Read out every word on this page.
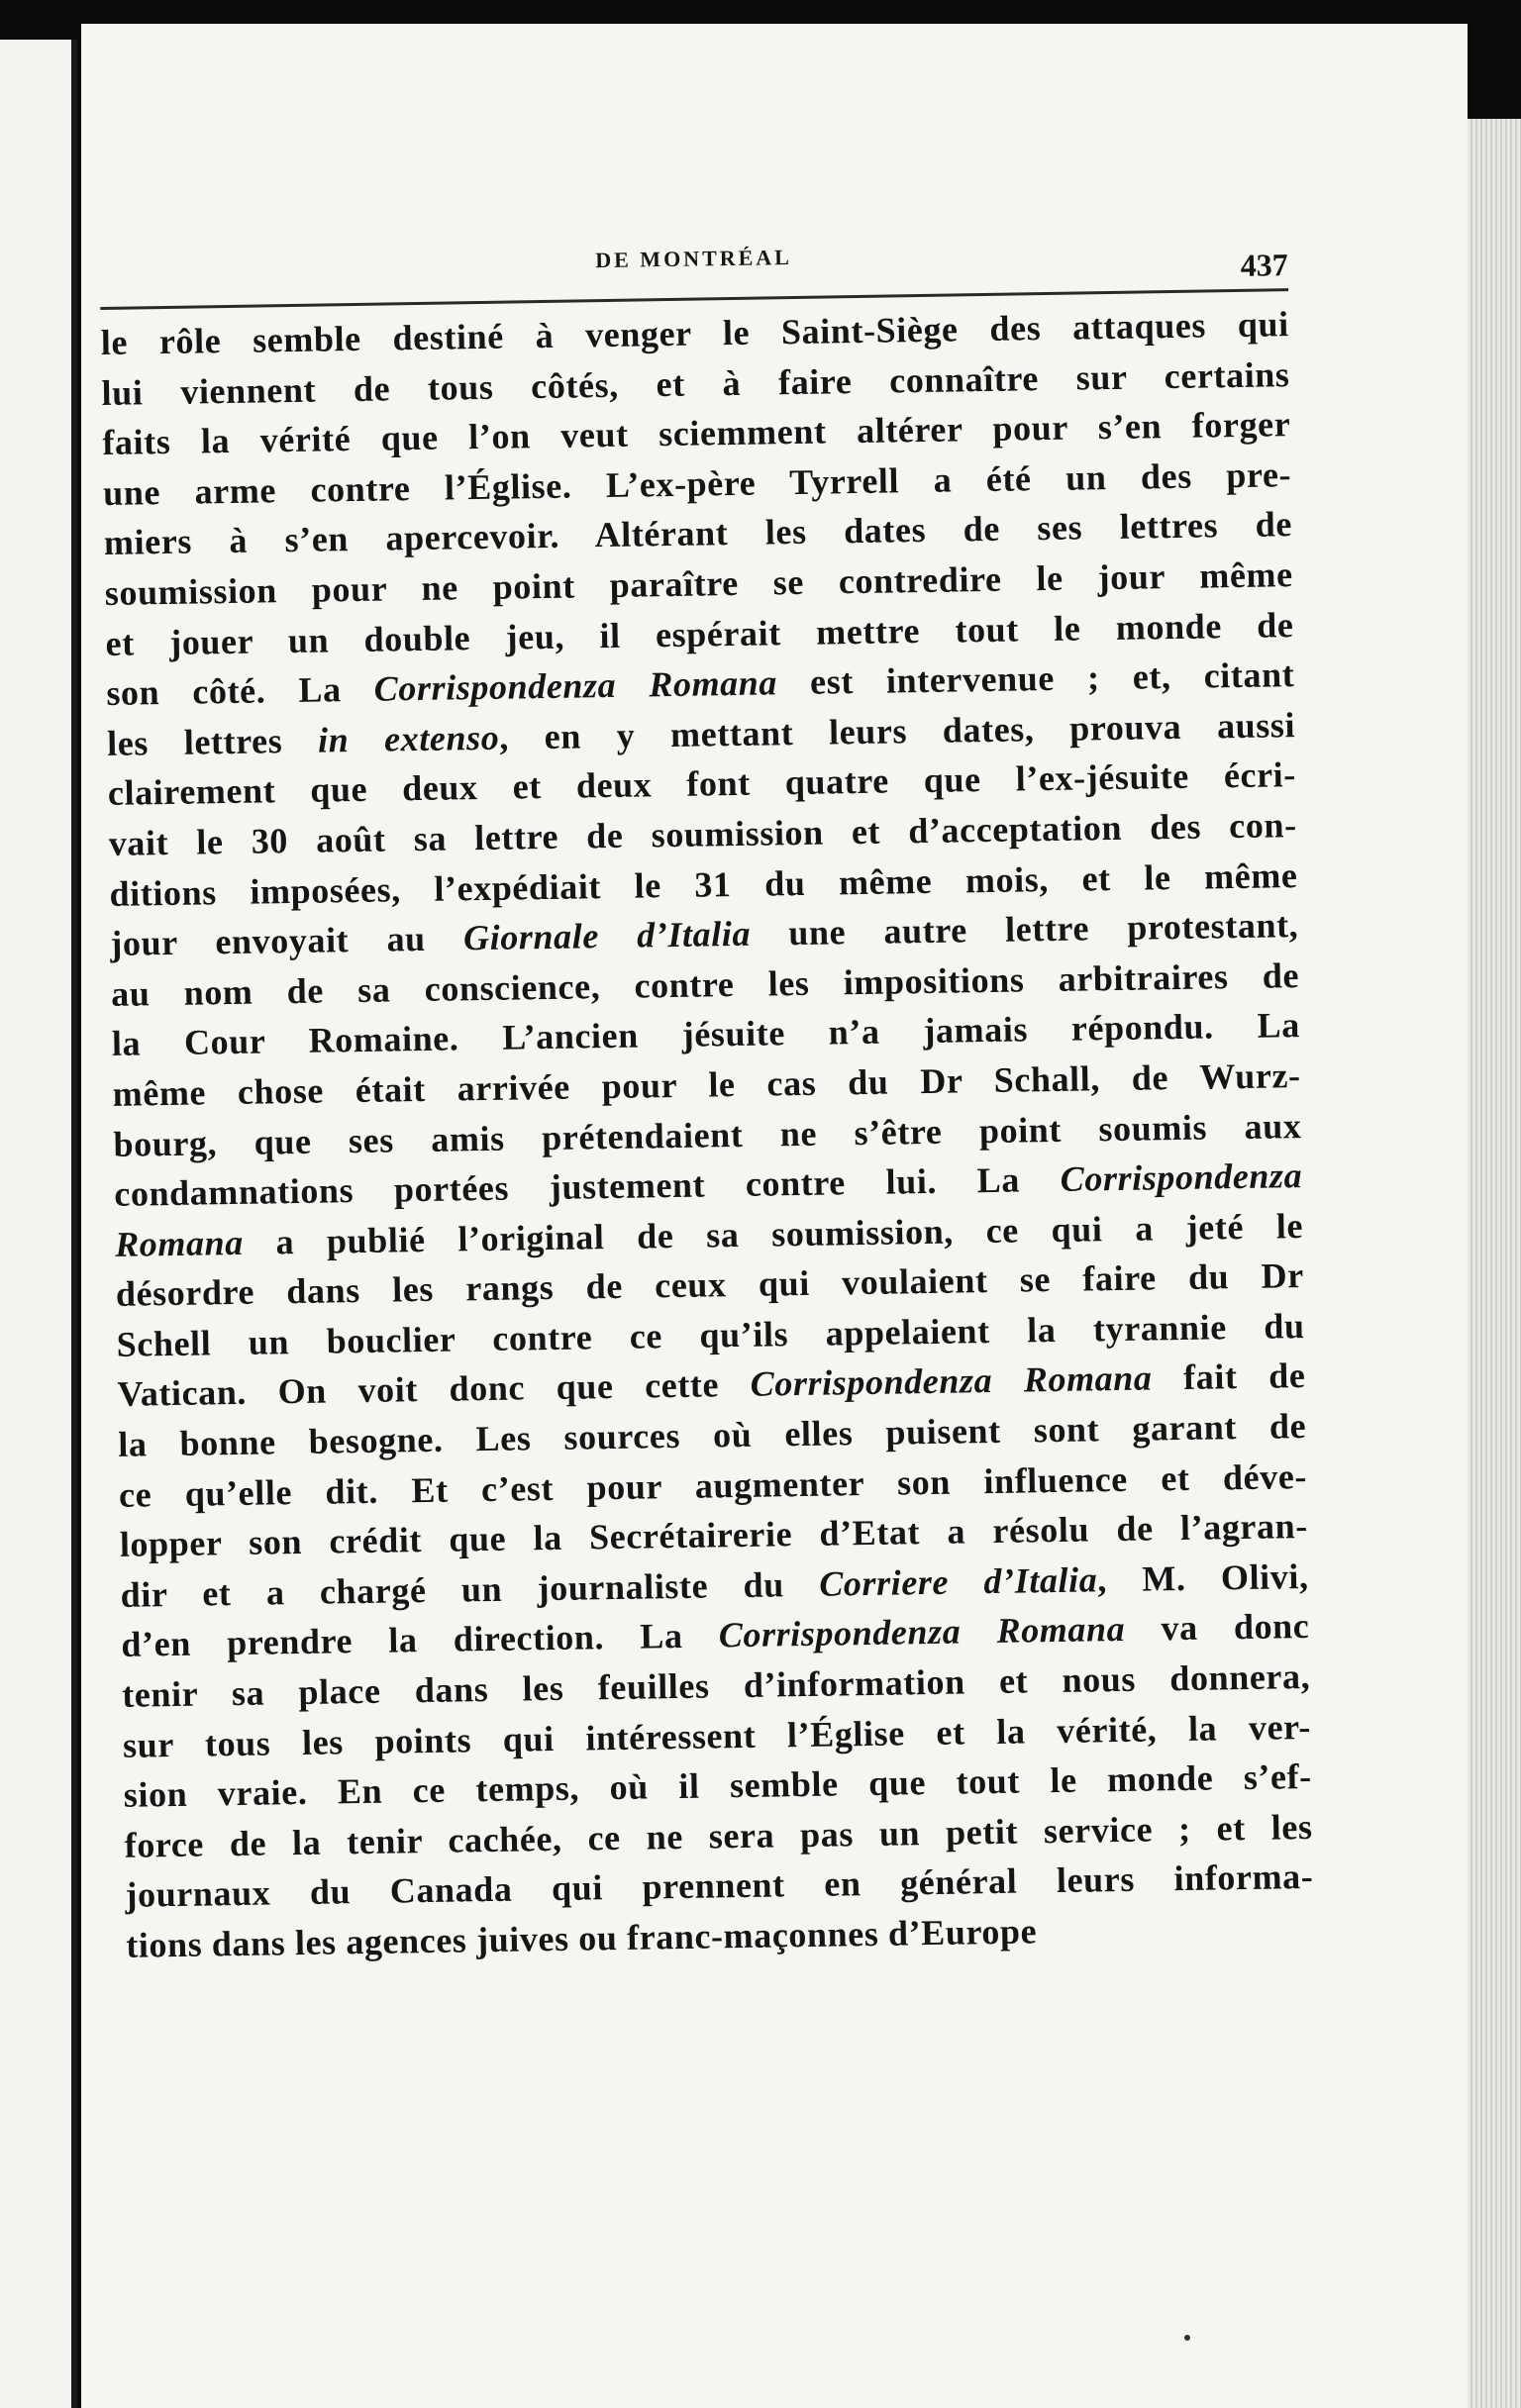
DE MONTRÉAL	437
le rôle semble destiné à venger le Saint-Siège des attaques qui
lui viennent de tous côtés, et à faire connaître sur certains
faits la vérité que l’on veut sciemment altérer pour s’en forger
une arme contre l’Église. L’ex-père Tyrrell a été un des pre-
miers à s’en apercevoir. Altérant les dates de ses lettres de
soumission pour ne point paraître se contredire le jour même
et jouer un double jeu, il espérait mettre tout le monde de
son côté. La Corrispondenza Romana est intervenue ; et, citant
les lettres in extenso, en y mettant leurs dates, prouva aussi
clairement que deux et deux font quatre que l’ex-jésuite écri-
vait le 30 août sa lettre de soumission et d’acceptation des con-
ditions imposées, l’expédiait le 31 du même mois, et le même
jour envoyait au Giornale d’Italia une autre lettre protestant,
au nom de sa conscience, contre les impositions arbitraires de
la Cour Romaine. L’ancien jésuite n’a jamais répondu. La
même chose était arrivée pour le cas du Dr Schall, de Wurz-
bourg, que ses amis prétendaient ne s’être point soumis aux
condamnations portées justement contre lui. La Corrispondenza
Romana a publié l’original de sa soumission, ce qui a jeté le
désordre dans les rangs de ceux qui voulaient se faire du Dr
Schell un bouclier contre ce qu’ils appelaient la tyrannie du
Vatican. On voit donc que cette Corrispondenza Romana fait de
la bonne besogne. Les sources où elles puisent sont garant de
ce qu’elle dit. Et c’est pour augmenter son influence et déve-
lopper son crédit que la Secrétairerie d’Etat a résolu de l’agran-
dir et a chargé un journaliste du Corriere d’Italia, M. Olivi,
d’en prendre la direction. La Corrispondenza Romana va donc
tenir sa place dans les feuilles d’information et nous donnera,
sur tous les points qui intéressent l’Église et la vérité, la ver-
sion vraie. En ce temps, où il semble que tout le monde s’ef-
force de la tenir cachée, ce ne sera pas un petit service ; et les
journaux du Canada qui prennent en général leurs informa-
tions dans les agences juives ou franc-maçonnes d’Europe
